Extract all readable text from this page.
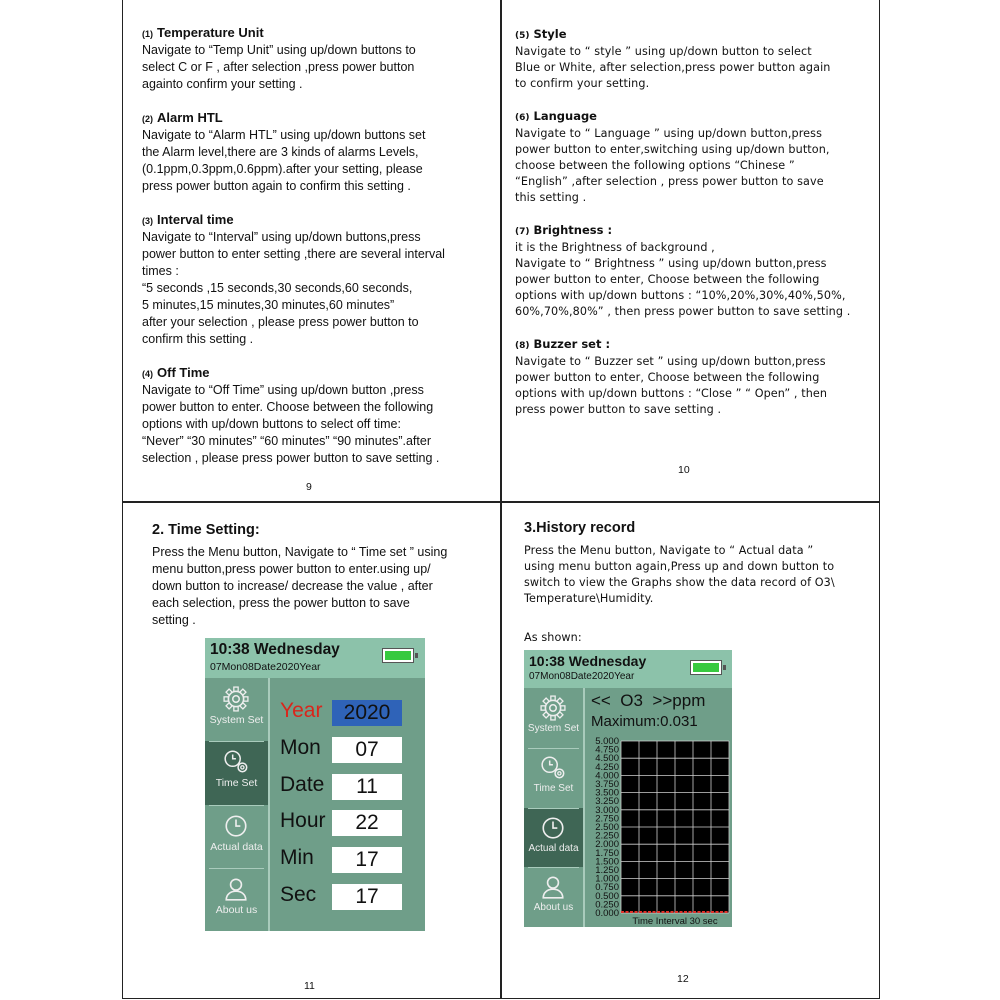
(1) Temperature Unit
Navigate to “Temp Unit” using up/down buttons to
select C or F , after selection ,press power button
againto confirm your setting .
(2) Alarm HTL
Navigate to “Alarm HTL” using up/down buttons set
the Alarm level,there are 3 kinds of alarms Levels,
(0.1ppm,0.3ppm,0.6ppm).after your setting, please
press power button again to confirm this setting .
(3) Interval time
Navigate to “Interval” using up/down buttons,press
power button to enter setting ,there are several interval
times :
“5 seconds ,15 seconds,30 seconds,60 seconds,
5 minutes,15 minutes,30 minutes,60 minutes”
after your selection , please press power button to
confirm this setting .
(4) Off Time
Navigate to “Off Time” using up/down button ,press
power button to enter. Choose between the following
options with up/down buttons to select off time:
“Never” “30 minutes” “60 minutes” “90 minutes”.after
selection , please press power button to save setting .
9
(5) Style
Navigate to “ style ” using up/down button to select
Blue or White, after selection,press power button again
to confirm your setting.
(6) Language
Navigate to “ Language ” using up/down button,press
power button to enter,switching using up/down button,
choose between the following options “Chinese ”
“English” ,after selection , press power button to save
this setting .
(7) Brightness :
it is the Brightness of background ,
Navigate to “ Brightness ” using up/down button,press
power button to enter, Choose between the following
options with up/down buttons : “10%,20%,30%,40%,50%,
60%,70%,80%” , then press power button to save setting .
(8) Buzzer set :
Navigate to “ Buzzer set ” using up/down button,press
power button to enter, Choose between the following
options with up/down buttons : “Close ” “ Open” , then
press power button to save setting .
10
2. Time Setting:
Press the Menu button, Navigate to “ Time set ” using
menu button,press power button to enter.using up/
down button to increase/ decrease the value , after
each selection, press the power button to save
setting .
11
10:38 Wednesday
07Mon08Date2020Year
System Set
Time Set
Actual data
About us
Year	2020
Mon	07
Date	11
Hour	22
Min	17
Sec	17
3.History record
Press the Menu button, Navigate to “ Actual data ”
using menu button again,Press up and down button to
switch to view the Graphs show the data record of O3\
Temperature\Humidity.
As shown:
12
10:38 Wednesday
07Mon08Date2020Year
System Set
Time Set
Actual data
About us
<<  O3  >>ppm
Maximum:0.031
5.000
4.750
4.500
4.250
4.000
3.750
3.500
3.250
3.000
2.750
2.500
2.250
2.000
1.750
1.500
1.250
1.000
0.750
0.500
0.250
0.000
Time Interval 30 sec
